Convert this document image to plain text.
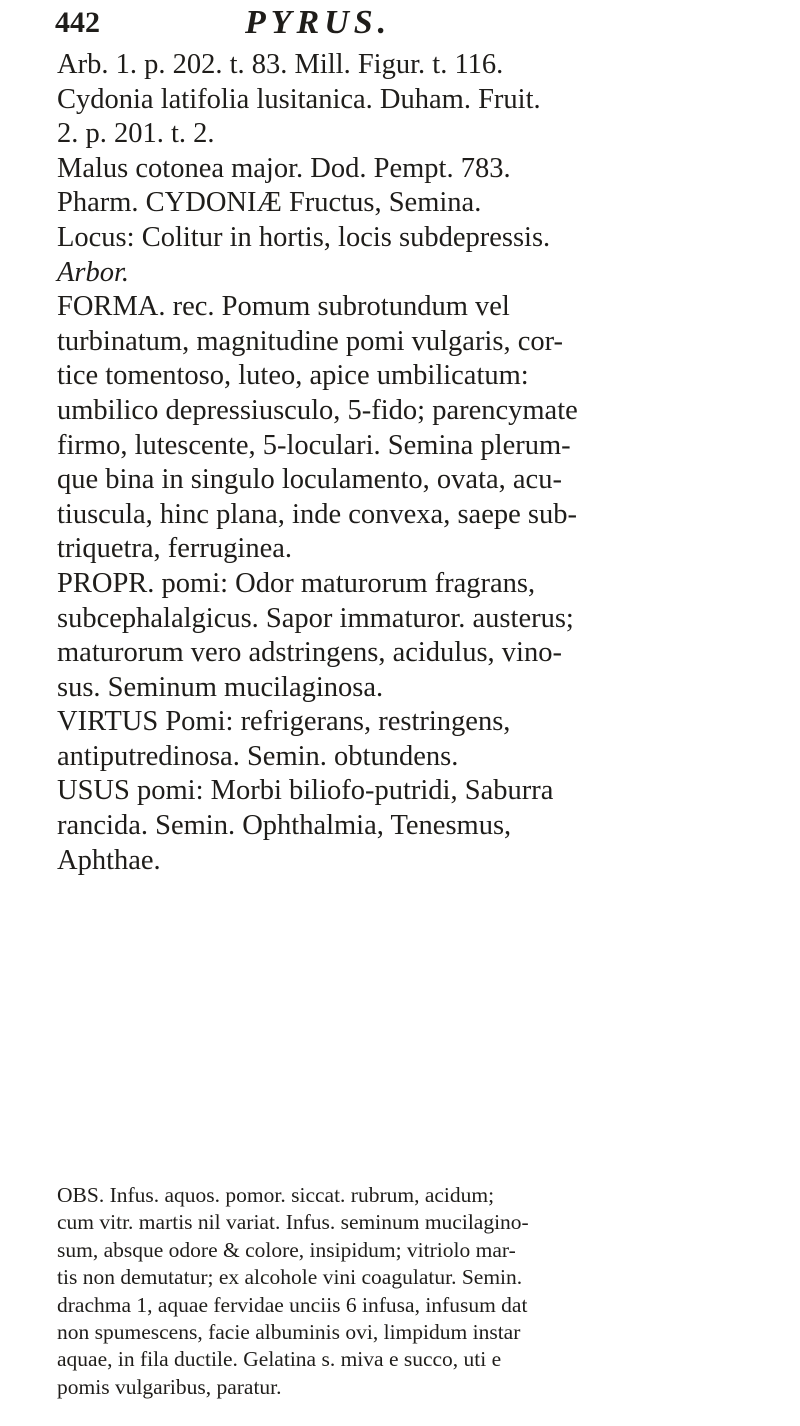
442	PYRUS.
Arb. 1. p. 202. t. 83. Mill. Figur. t. 116.
Cydonia latifolia lusitanica. Duham. Fruit.
2. p. 201. t. 2.
Malus cotonea major. Dod. Pempt. 783.
Pharm. CYDONIÆ Fructus, Semina.
Locus: Colitur in hortis, locis subdepressis.
Arbor.
FORMA. rec. Pomum subrotundum vel
turbinatum, magnitudine pomi vulgaris, cor-
tice tomentoso, luteo, apice umbilicatum:
umbilico depressiusculo, 5-fido; parencymate
firmo, lutescente, 5-loculari. Semina plerum-
que bina in singulo loculamento, ovata, acu-
tiuscula, hinc plana, inde convexa, saepe sub-
triquetra, ferruginea.
PROPR. pomi: Odor maturorum fragrans,
subcephalalgicus. Sapor immaturor. austerus;
maturorum vero adstringens, acidulus, vino-
sus. Seminum mucilaginosa.
VIRTUS Pomi: refrigerans, restringens,
antiputredinosa. Semin. obtundens.
USUS pomi: Morbi biliofo-putridi, Saburra
rancida. Semin. Ophthalmia, Tenesmus,
Aphthae.
OBS. Infus. aquos. pomor. siccat. rubrum, acidum;
cum vitr. martis nil variat. Infus. seminum mucilagino-
sum, absque odore & colore, insipidum; vitriolo mar-
tis non demutatur; ex alcohole vini coagulatur. Semin.
drachma 1, aquae fervidae unciis 6 infusa, infusum dat
non spumescens, facie albuminis ovi, limpidum instar
aquae, in fila ductile. Gelatina s. miva e succo, uti e
pomis vulgaribus, paratur.
